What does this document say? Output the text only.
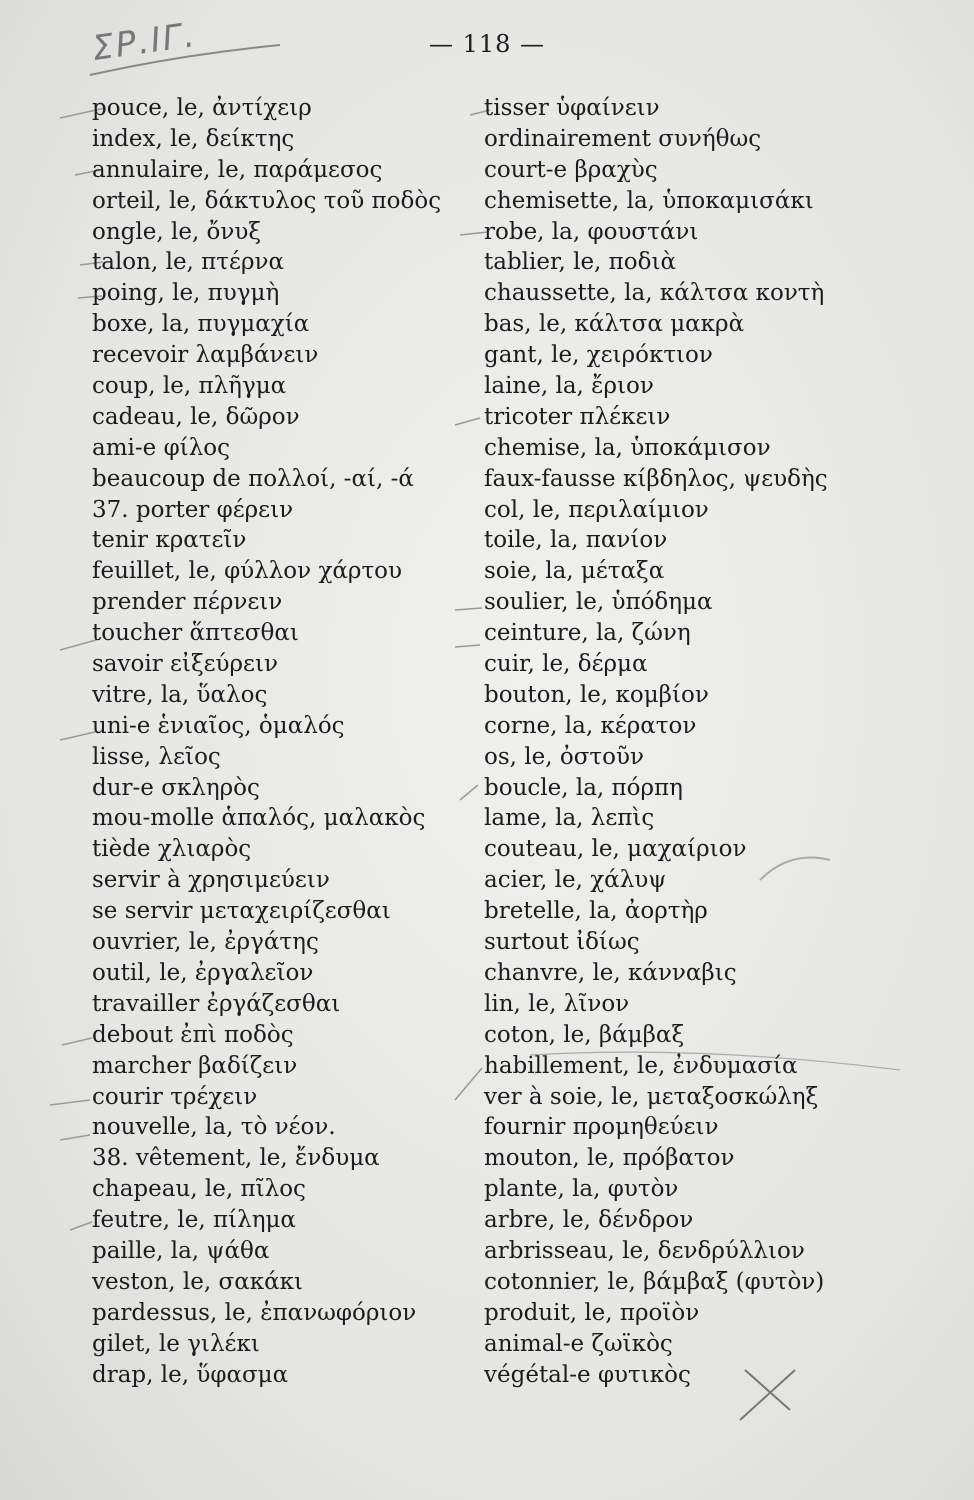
ΣΡ.ΙΓ.	— 118 —
pouce, le, ἀντίχειρ
index, le, δείκτης
annulaire, le, παράμεσος
orteil, le, δάκτυλος τοῦ ποδὸς
ongle, le, ὄνυξ
talon, le, πτέρνα
poing, le, πυγμὴ
boxe, la, πυγμαχία
recevoir λαμβάνειν
coup, le, πλῆγμα
cadeau, le, δῶρον
ami-e φίλος
beaucoup de πολλοί, -αί, -ά
37. porter φέρειν
tenir κρατεῖν
feuillet, le, φύλλον χάρτου
prender πέρνειν
toucher ἅπτεσθαι
savoir εἰξεύρειν
vitre, la, ὕαλος
uni-e ἑνιαῖος, ὁμαλός
lisse, λεῖος
dur-e σκληρὸς
mou-molle ἁπαλός, μαλακὸς
tiède χλιαρὸς
servir à χρησιμεύειν
se servir μεταχειρίζεσθαι
ouvrier, le, ἐργάτης
outil, le, ἐργαλεῖον
travailler ἐργάζεσθαι
debout ἐπὶ ποδὸς
marcher βαδίζειν
courir τρέχειν
nouvelle, la, τὸ νέον.
38. vêtement, le, ἔνδυμα
chapeau, le, πῖλος
feutre, le, πίλημα
paille, la, ψάθα
veston, le, σακάκι
pardessus, le, ἐπανωφόριον
gilet, le γιλέκι
drap, le, ὕφασμα
tisser ὑφαίνειν
ordinairement συνήθως
court-e βραχὺς
chemisette, la, ὑποκαμισάκι
robe, la, φουστάνι
tablier, le, ποδιὰ
chaussette, la, κάλτσα κοντὴ
bas, le, κάλτσα μακρὰ
gant, le, χειρόκτιον
laine, la, ἔριον
tricoter πλέκειν
chemise, la, ὑποκάμισον
faux-fausse κίβδηλος, ψευδὴς
col, le, περιλαίμιον
toile, la, πανίον
soie, la, μέταξα
soulier, le, ὑπόδημα
ceinture, la, ζώνη
cuir, le, δέρμα
bouton, le, κομβίον
corne, la, κέρατον
os, le, ὀστοῦν
boucle, la, πόρπη
lame, la, λεπὶς
couteau, le, μαχαίριον
acier, le, χάλυψ
bretelle, la, ἀορτὴρ
surtout ἰδίως
chanvre, le, κάνναβις
lin, le, λῖνον
coton, le, βάμβαξ
habillement, le, ἐνδυμασία
ver à soie, le, μεταξοσκώληξ
fournir προμηθεύειν
mouton, le, πρόβατον
plante, la, φυτὸν
arbre, le, δένδρον
arbrisseau, le, δενδρύλλιον
cotonnier, le, βάμβαξ (φυτὸν)
produit, le, προϊὸν
animal-e ζωϊκὸς
végétal-e φυτικὸς
